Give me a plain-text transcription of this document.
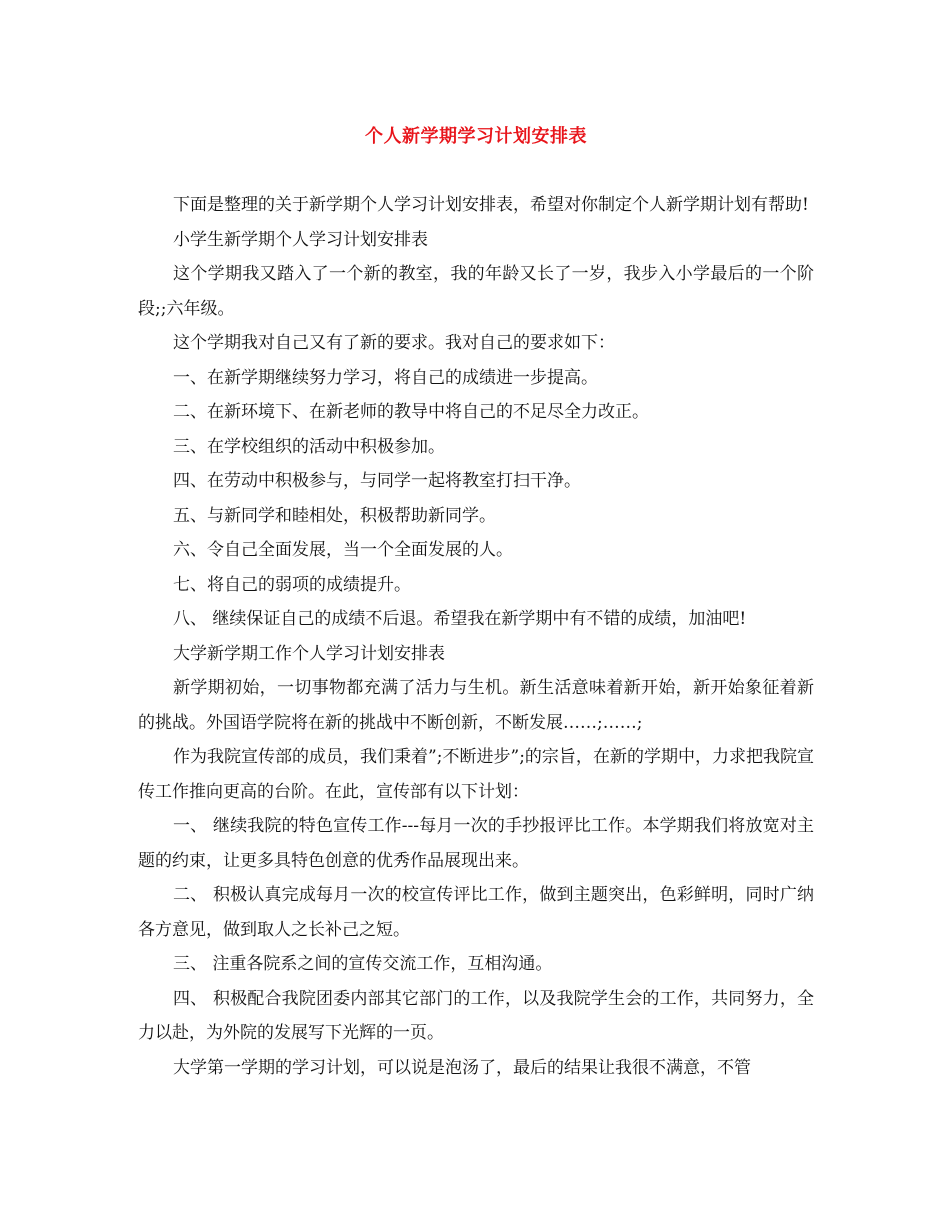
个人新学期学习计划安排表

下面是整理的关于新学期个人学习计划安排表，希望对你制定个人新学期计划有帮助!

小学生新学期个人学习计划安排表

这个学期我又踏入了一个新的教室，我的年龄又长了一岁，我步入小学最后的一个阶段;;六年级。

这个学期我对自己又有了新的要求。我对自己的要求如下：

一、在新学期继续努力学习，将自己的成绩进一步提高。

二、在新环境下、在新老师的教导中将自己的不足尽全力改正。

三、在学校组织的活动中积极参加。

四、在劳动中积极参与，与同学一起将教室打扫干净。

五、与新同学和睦相处，积极帮助新同学。

六、令自己全面发展，当一个全面发展的人。

七、将自己的弱项的成绩提升。

八、 继续保证自己的成绩不后退。希望我在新学期中有不错的成绩，加油吧!

大学新学期工作个人学习计划安排表

新学期初始，一切事物都充满了活力与生机。新生活意味着新开始，新开始象征着新的挑战。外国语学院将在新的挑战中不断创新，不断发展……;……;

作为我院宣传部的成员，我们秉着”;不断进步”;的宗旨，在新的学期中，力求把我院宣传工作推向更高的台阶。在此，宣传部有以下计划：

一、 继续我院的特色宣传工作---每月一次的手抄报评比工作。本学期我们将放宽对主题的约束，让更多具特色创意的优秀作品展现出来。

二、 积极认真完成每月一次的校宣传评比工作，做到主题突出，色彩鲜明，同时广纳各方意见，做到取人之长补己之短。

三、 注重各院系之间的宣传交流工作，互相沟通。

四、 积极配合我院团委内部其它部门的工作，以及我院学生会的工作，共同努力，全力以赴，为外院的发展写下光辉的一页。

大学第一学期的学习计划，可以说是泡汤了，最后的结果让我很不满意，不管
